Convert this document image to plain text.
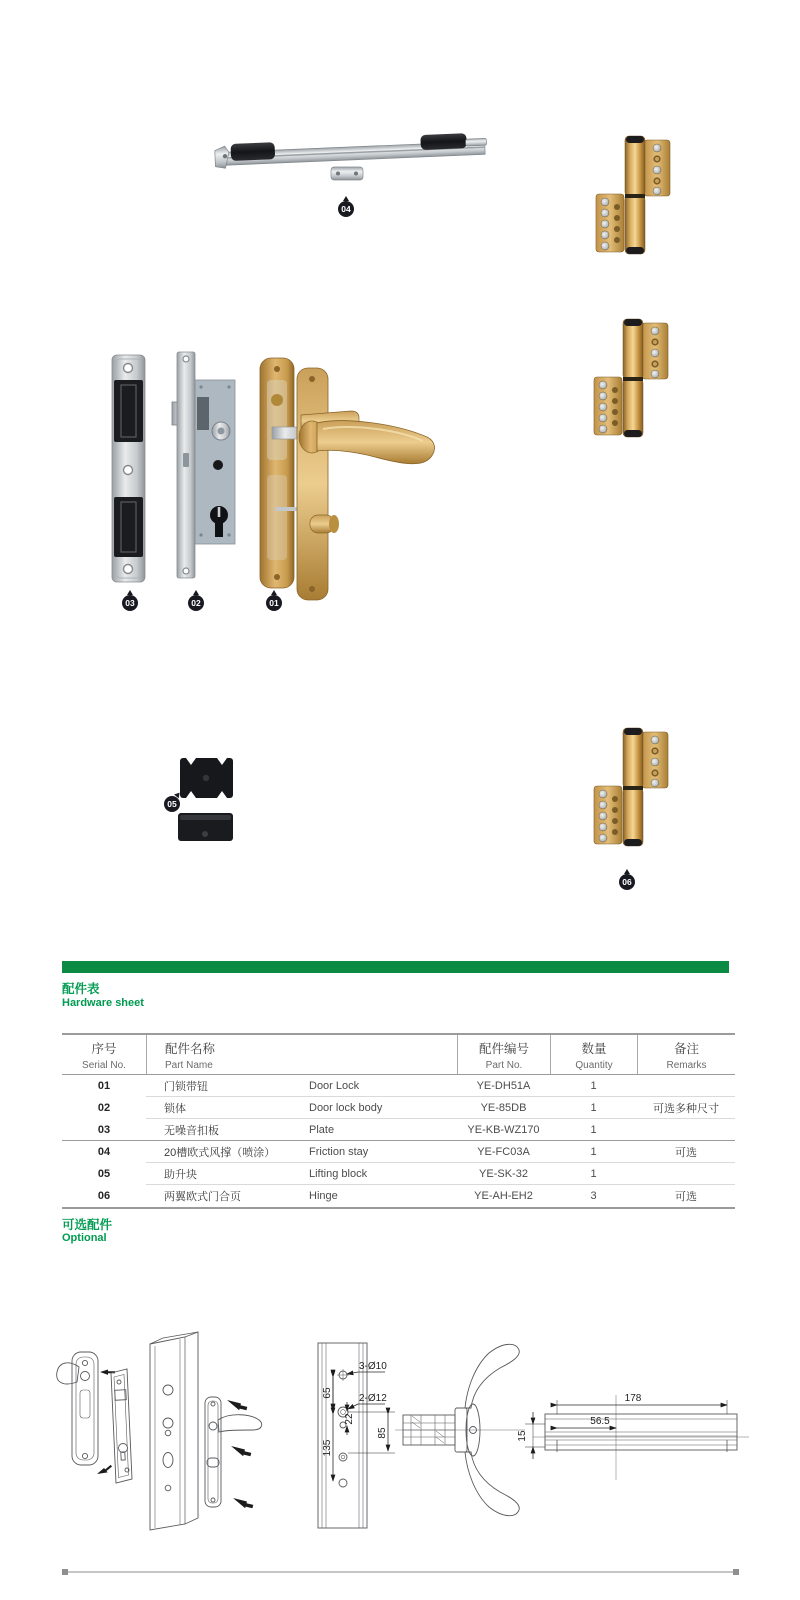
04
03	02	01
05
06
配件表
Hardware sheet
序号
Serial No.
配件名称
Part Name
配件编号
Part No.
数量
Quantity
备注
Remarks
01	门锁带钮	Door Lock	YE-DH51A	1
02	锁体	Door lock body	YE-85DB	1	可选多种尺寸
03	无噪音扣板	Plate	YE-KB-WZ170	1
04	20槽欧式风撑（喷涂）	Friction stay	YE-FC03A	1	可选
05	助升块	Lifting block	YE-SK-32	1
06	两翼欧式门合页	Hinge	YE-AH-EH2	3	可选
可选配件
Optional
3-Ø10
2-Ø12
65
22
135
85
178
56.5
15
